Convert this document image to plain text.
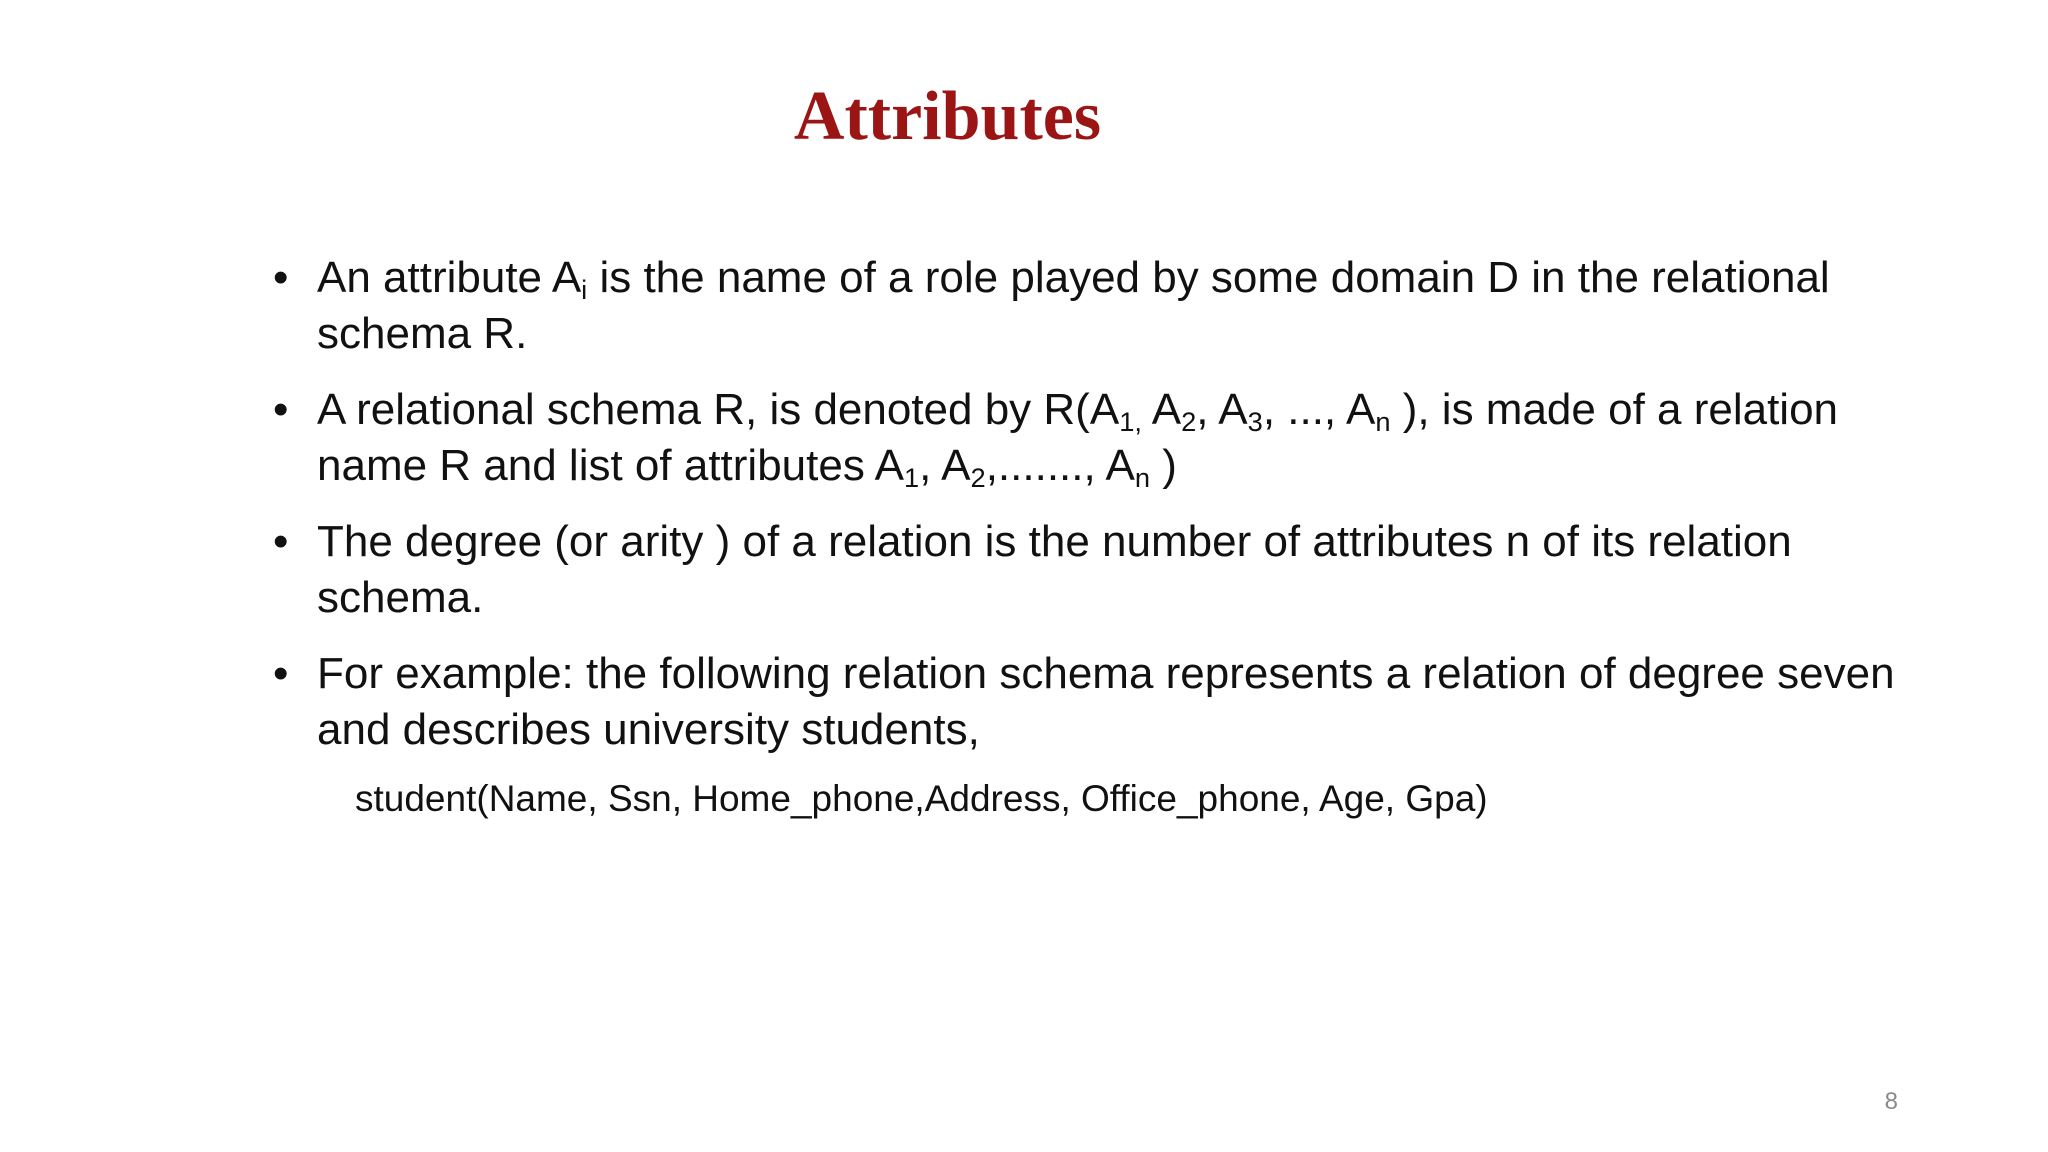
Attributes
• An attribute $A_i$ is the name of a role played by some domain D in the relational schema R.
• A relational schema R, is denoted by $R(A_{1,}$ $A_2$, $A_3$, ..., $A_n$ ), is made of a relation name R and list of attributes $A_1$, $A_2$,......., $A_n$ )
• The degree (or arity ) of a relation is the number of attributes n of its relation schema.
• For example: the following relation schema represents a relation of degree seven and describes university students,
student(Name, Ssn, Home_phone,Address, Office_phone, Age, Gpa)
8
